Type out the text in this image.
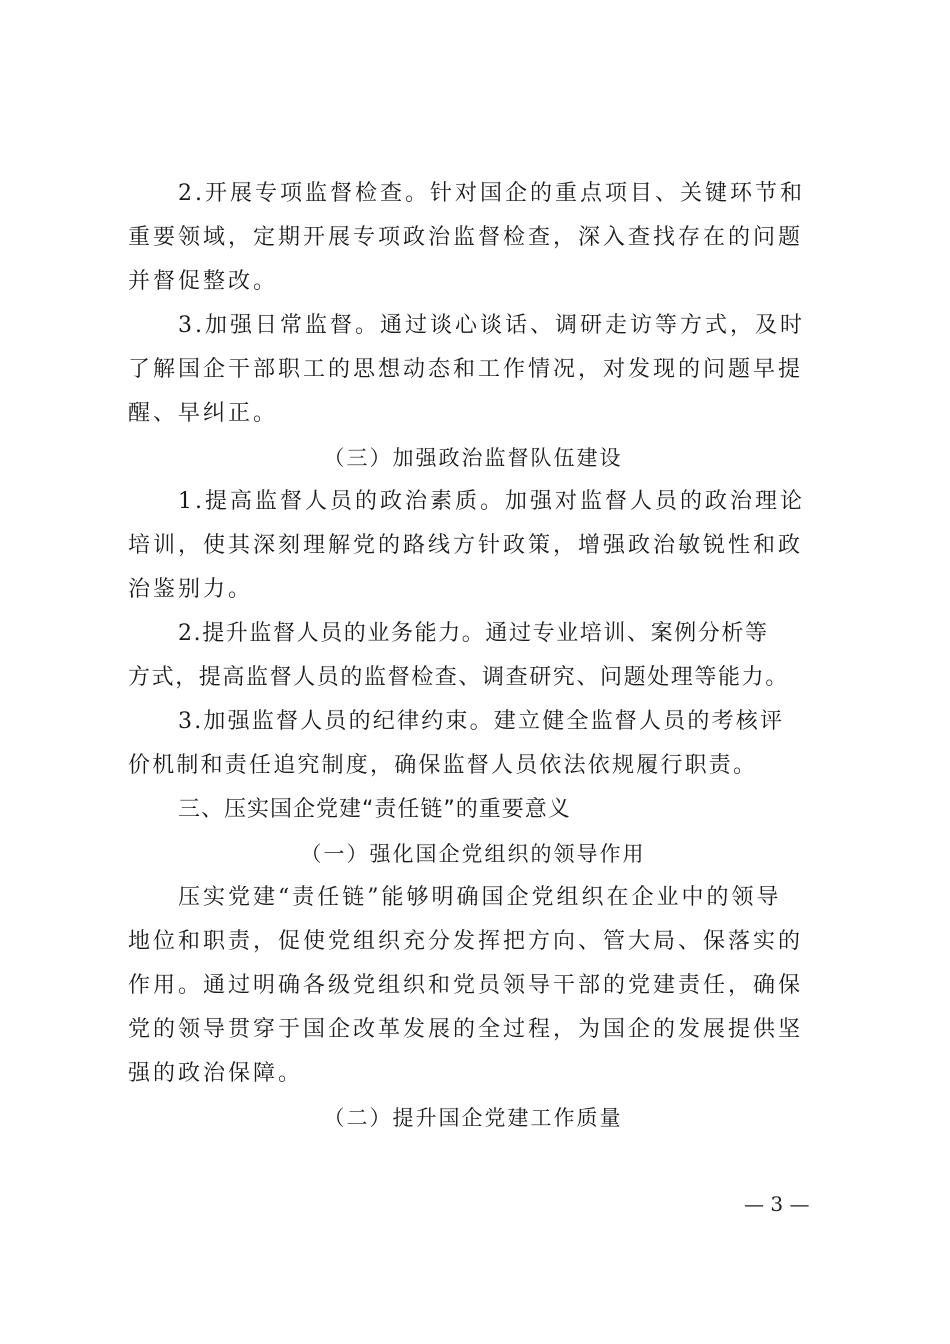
2.开展专项监督检查。针对国企的重点项目、关键环节和
重要领域，定期开展专项政治监督检查，深入查找存在的问题
并督促整改。
3.加强日常监督。通过谈心谈话、调研走访等方式，及时
了解国企干部职工的思想动态和工作情况，对发现的问题早提
醒、早纠正。
（三）加强政治监督队伍建设
1.提高监督人员的政治素质。加强对监督人员的政治理论
培训，使其深刻理解党的路线方针政策，增强政治敏锐性和政
治鉴别力。
2.提升监督人员的业务能力。通过专业培训、案例分析等
方式，提高监督人员的监督检查、调查研究、问题处理等能力。
3.加强监督人员的纪律约束。建立健全监督人员的考核评
价机制和责任追究制度，确保监督人员依法依规履行职责。
三、压实国企党建“责任链”的重要意义
（一）强化国企党组织的领导作用
压实党建“责任链”能够明确国企党组织在企业中的领导
地位和职责，促使党组织充分发挥把方向、管大局、保落实的
作用。通过明确各级党组织和党员领导干部的党建责任，确保
党的领导贯穿于国企改革发展的全过程，为国企的发展提供坚
强的政治保障。
（二）提升国企党建工作质量
— 3 —
